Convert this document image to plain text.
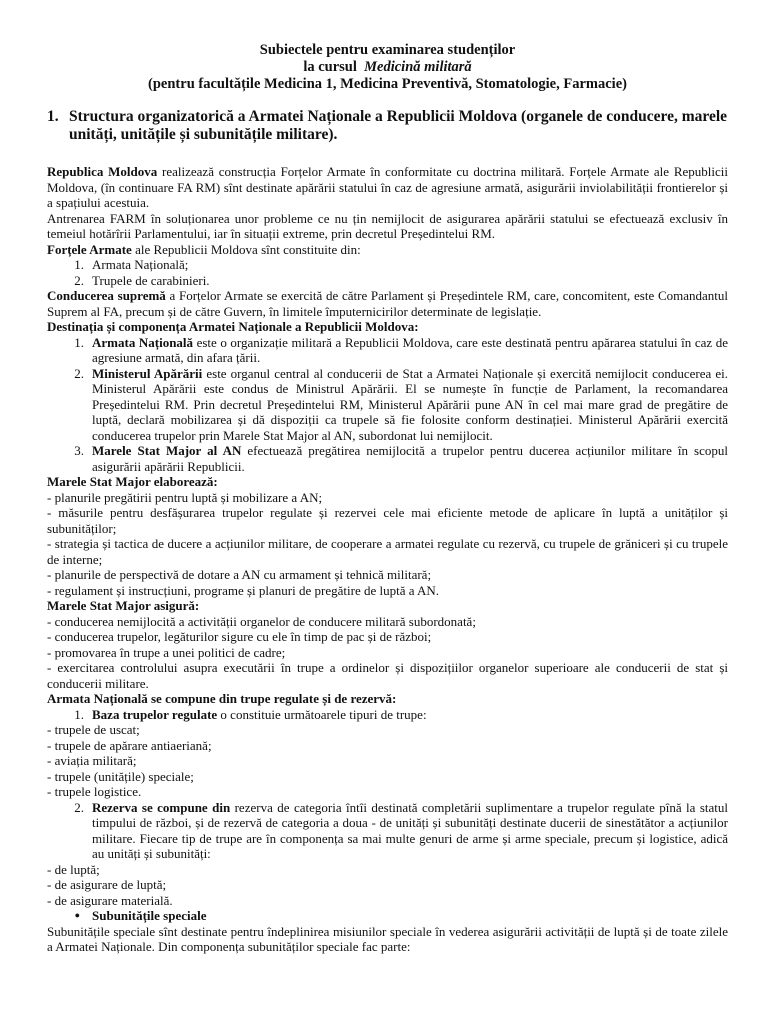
Subiectele pentru examinarea studenților
la cursul Medicină militară
(pentru facultățile Medicina 1, Medicina Preventivă, Stomatologie, Farmacie)
1. Structura organizatorică a Armatei Naționale a Republicii Moldova (organele de conducere, marele unități, unitățile și subunitățile militare).

Republica Moldova realizează construcția Forțelor Armate în conformitate cu doctrina militară. Forțele Armate ale Republicii Moldova, (în continuare FA RM) sînt destinate apărării statului în caz de agresiune armată, asigurării inviolabilității frontierelor și a spațiului acestuia.

Antrenarea FARM în soluționarea unor probleme ce nu țin nemijlocit de asigurarea apărării statului se efectuează exclusiv în temeiul hotărîrii Parlamentului, iar în situații extreme, prin decretul Președintelui RM.

Forțele Armate ale Republicii Moldova sînt constituite din:

1. Armata Națională;
2. Trupele de carabinieri.

Conducerea supremă a Forțelor Armate se exercită de către Parlament și Președintele RM, care, concomitent, este Comandantul Suprem al FA, precum și de către Guvern, în limitele împuternicirilor determinate de legislație.

Destinația și componența Armatei Naționale a Republicii Moldova:

1. Armata Națională este o organizație militară a Republicii Moldova, care este destinată pentru apărarea statului în caz de agresiune armată, din afara țării.
2. Ministerul Apărării este organul central al conducerii de Stat a Armatei Naționale și exercită nemijlocit conducerea ei. Ministerul Apărării este condus de Ministrul Apărării. El se numește în funcție de Parlament, la recomandarea Președintelui RM. Prin decretul Președintelui RM, Ministerul Apărării pune AN în cel mai mare grad de pregătire de luptă, declară mobilizarea și dă dispoziții ca trupele să fie folosite conform destinației. Ministerul Apărării exercită conducerea trupelor prin Marele Stat Major al AN, subordonat lui nemijlocit.
3. Marele Stat Major al AN efectuează pregătirea nemijlocită a trupelor pentru ducerea acțiunilor militare în scopul asigurării apărării Republicii.

Marele Stat Major elaborează:

- planurile pregătirii pentru luptă și mobilizare a AN;

- măsurile pentru desfășurarea trupelor regulate și rezervei cele mai eficiente metode de aplicare în luptă a unităților și subunităților;

- strategia și tactica de ducere a acțiunilor militare, de cooperare a armatei regulate cu rezervă, cu trupele de grăniceri și cu trupele de interne;

- planurile de perspectivă de dotare a AN cu armament și tehnică militară;

- regulament și instrucțiuni, programe și planuri de pregătire de luptă a AN.

Marele Stat Major asigură:

- conducerea nemijlocită a activității organelor de conducere militară subordonată;

- conducerea trupelor, legăturilor sigure cu ele în timp de pac și de război;

- promovarea în trupe a unei politici de cadre;

- exercitarea controlului asupra executării în trupe a ordinelor și dispozițiilor organelor superioare ale conducerii de stat și conducerii militare.

Armata Națională se compune din trupe regulate și de rezervă:

1. Baza trupelor regulate o constituie următoarele tipuri de trupe:

- trupele de uscat;

- trupele de apărare antiaeriană;

- aviația militară;

- trupele (unitățile) speciale;

- trupele logistice.

2. Rezerva se compune din rezerva de categoria întîi destinată completării suplimentare a trupelor regulate pînă la statul timpului de război, și de rezervă de categoria a doua - de unități și subunități destinate ducerii de sinestătător a acțiunilor militare. Fiecare tip de trupe are în componența sa mai multe genuri de arme și arme speciale, precum și logistice, adică au unități și subunități:

- de luptă;

- de asigurare de luptă;

- de asigurare materială.

● Subunitățile speciale

Subunitățile speciale sînt destinate pentru îndeplinirea misiunilor speciale în vederea asigurării activității de luptă și de toate zilele a Armatei Naționale. Din componența subunităților speciale fac parte:
